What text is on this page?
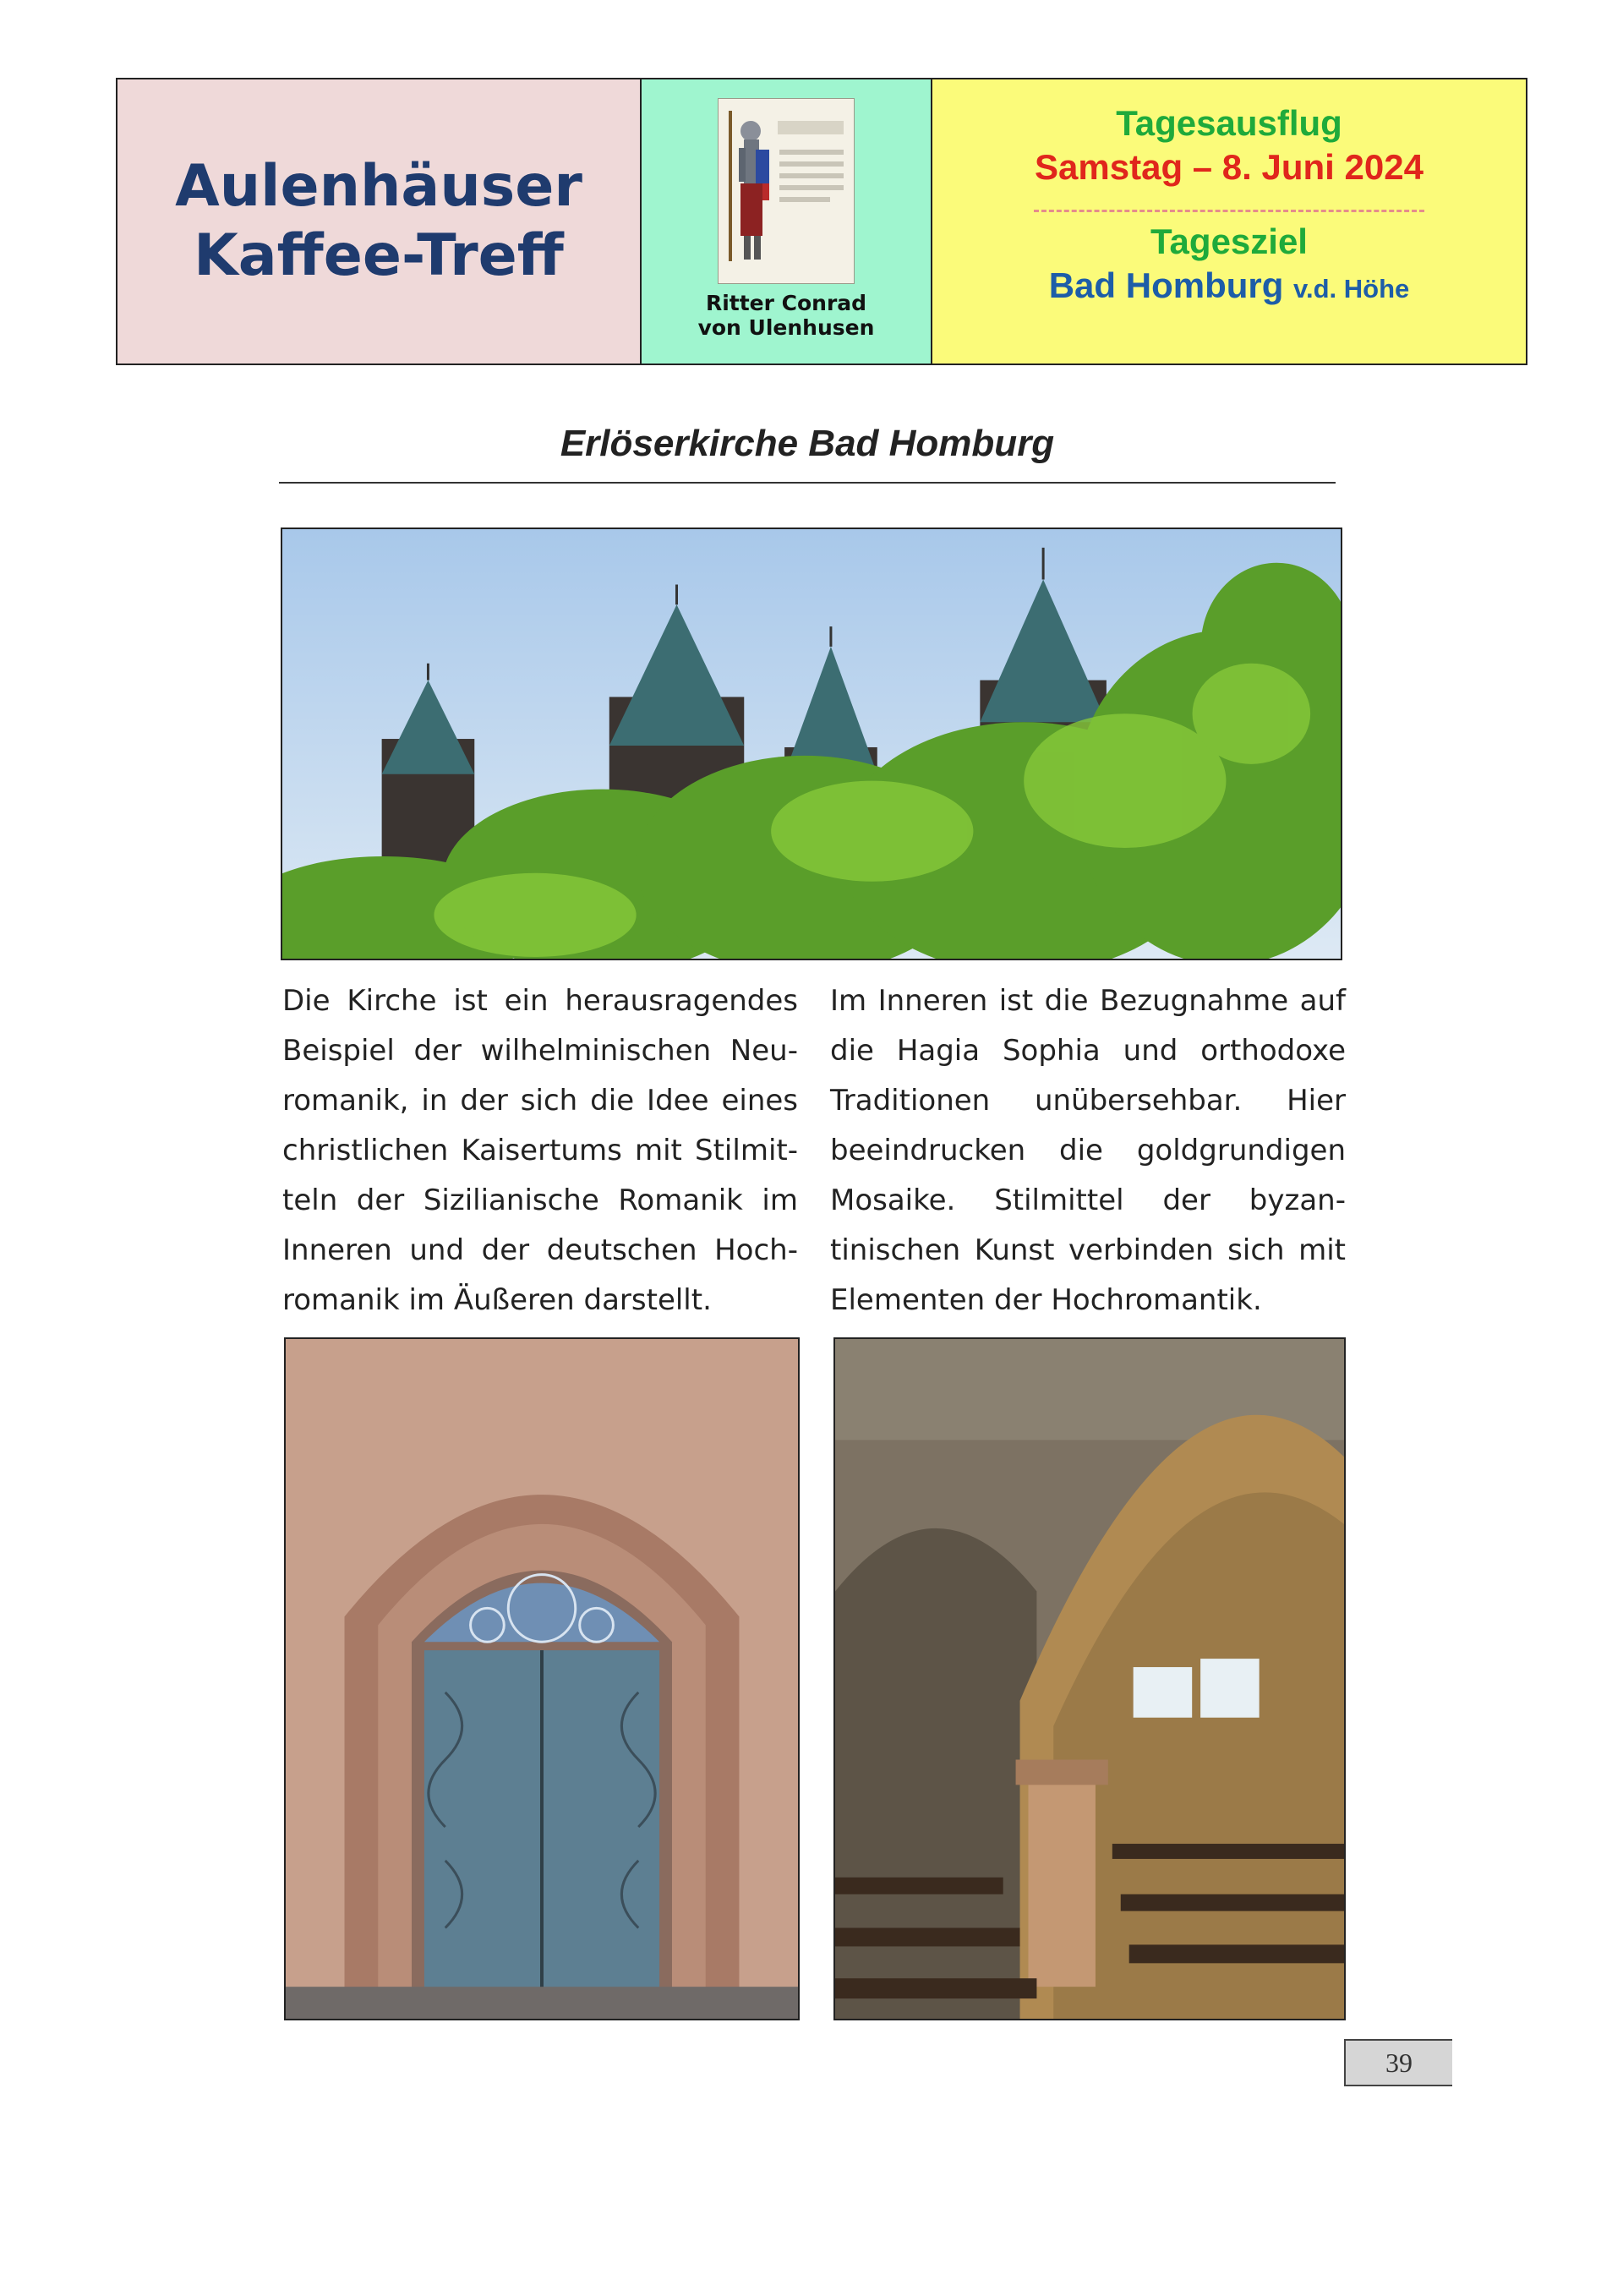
Aulenhäuser
Kaffee-Treff
Ritter Conrad
von Ulenhusen
Tagesausflug
Samstag – 8. Juni 2024
Tagesziel
Bad Homburg v.d. Höhe
Erlöserkirche Bad Homburg
Die Kirche ist ein herausragendes Beispiel der wilhelminischen Neuromanik, in der sich die Idee eines christlichen Kaisertums mit Stilmitteln der Sizilianische Romanik im Inneren und der deutschen Hochromanik im Äußeren darstellt.
Im Inneren ist die Bezugnahme auf die Hagia Sophia und orthodoxe Traditionen unübersehbar. Hier beeindrucken die goldgrundigen Mosaike. Stilmittel der byzantinischen Kunst verbinden sich mit Elementen der Hochromantik.
39
